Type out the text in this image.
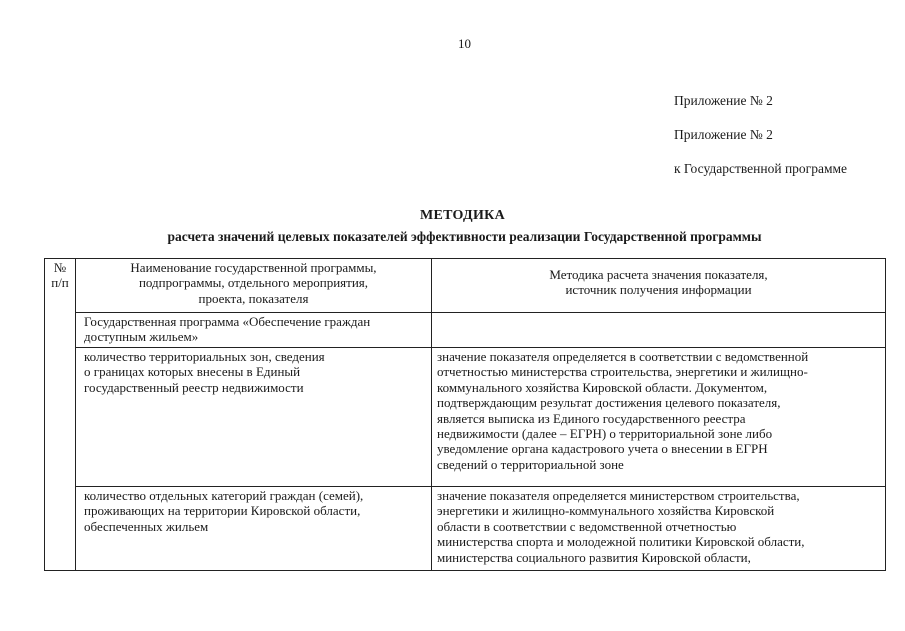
10
Приложение № 2
Приложение № 2
к Государственной программе
МЕТОДИКА
расчета значений целевых показателей эффективности реализации Государственной программы
№
п/п
Наименование государственной программы,
подпрограммы, отдельного мероприятия,
проекта, показателя
Методика расчета значения показателя,
источник получения информации
Государственная программа «Обеспечение граждан
доступным жильем»
количество территориальных зон, сведения
о границах которых внесены в Единый
государственный реестр недвижимости
значение показателя определяется в соответствии с ведомственной
отчетностью министерства строительства, энергетики и жилищно-
коммунального хозяйства Кировской области. Документом,
подтверждающим результат достижения целевого показателя,
является выписка из Единого государственного реестра
недвижимости (далее – ЕГРН) о территориальной зоне либо
уведомление органа кадастрового учета о внесении в ЕГРН
сведений о территориальной зоне
количество отдельных категорий граждан (семей),
проживающих на территории Кировской области,
обеспеченных жильем
значение показателя определяется министерством строительства,
энергетики и жилищно-коммунального хозяйства Кировской
области в соответствии с ведомственной отчетностью
министерства спорта и молодежной политики Кировской области,
министерства социального развития Кировской области,
